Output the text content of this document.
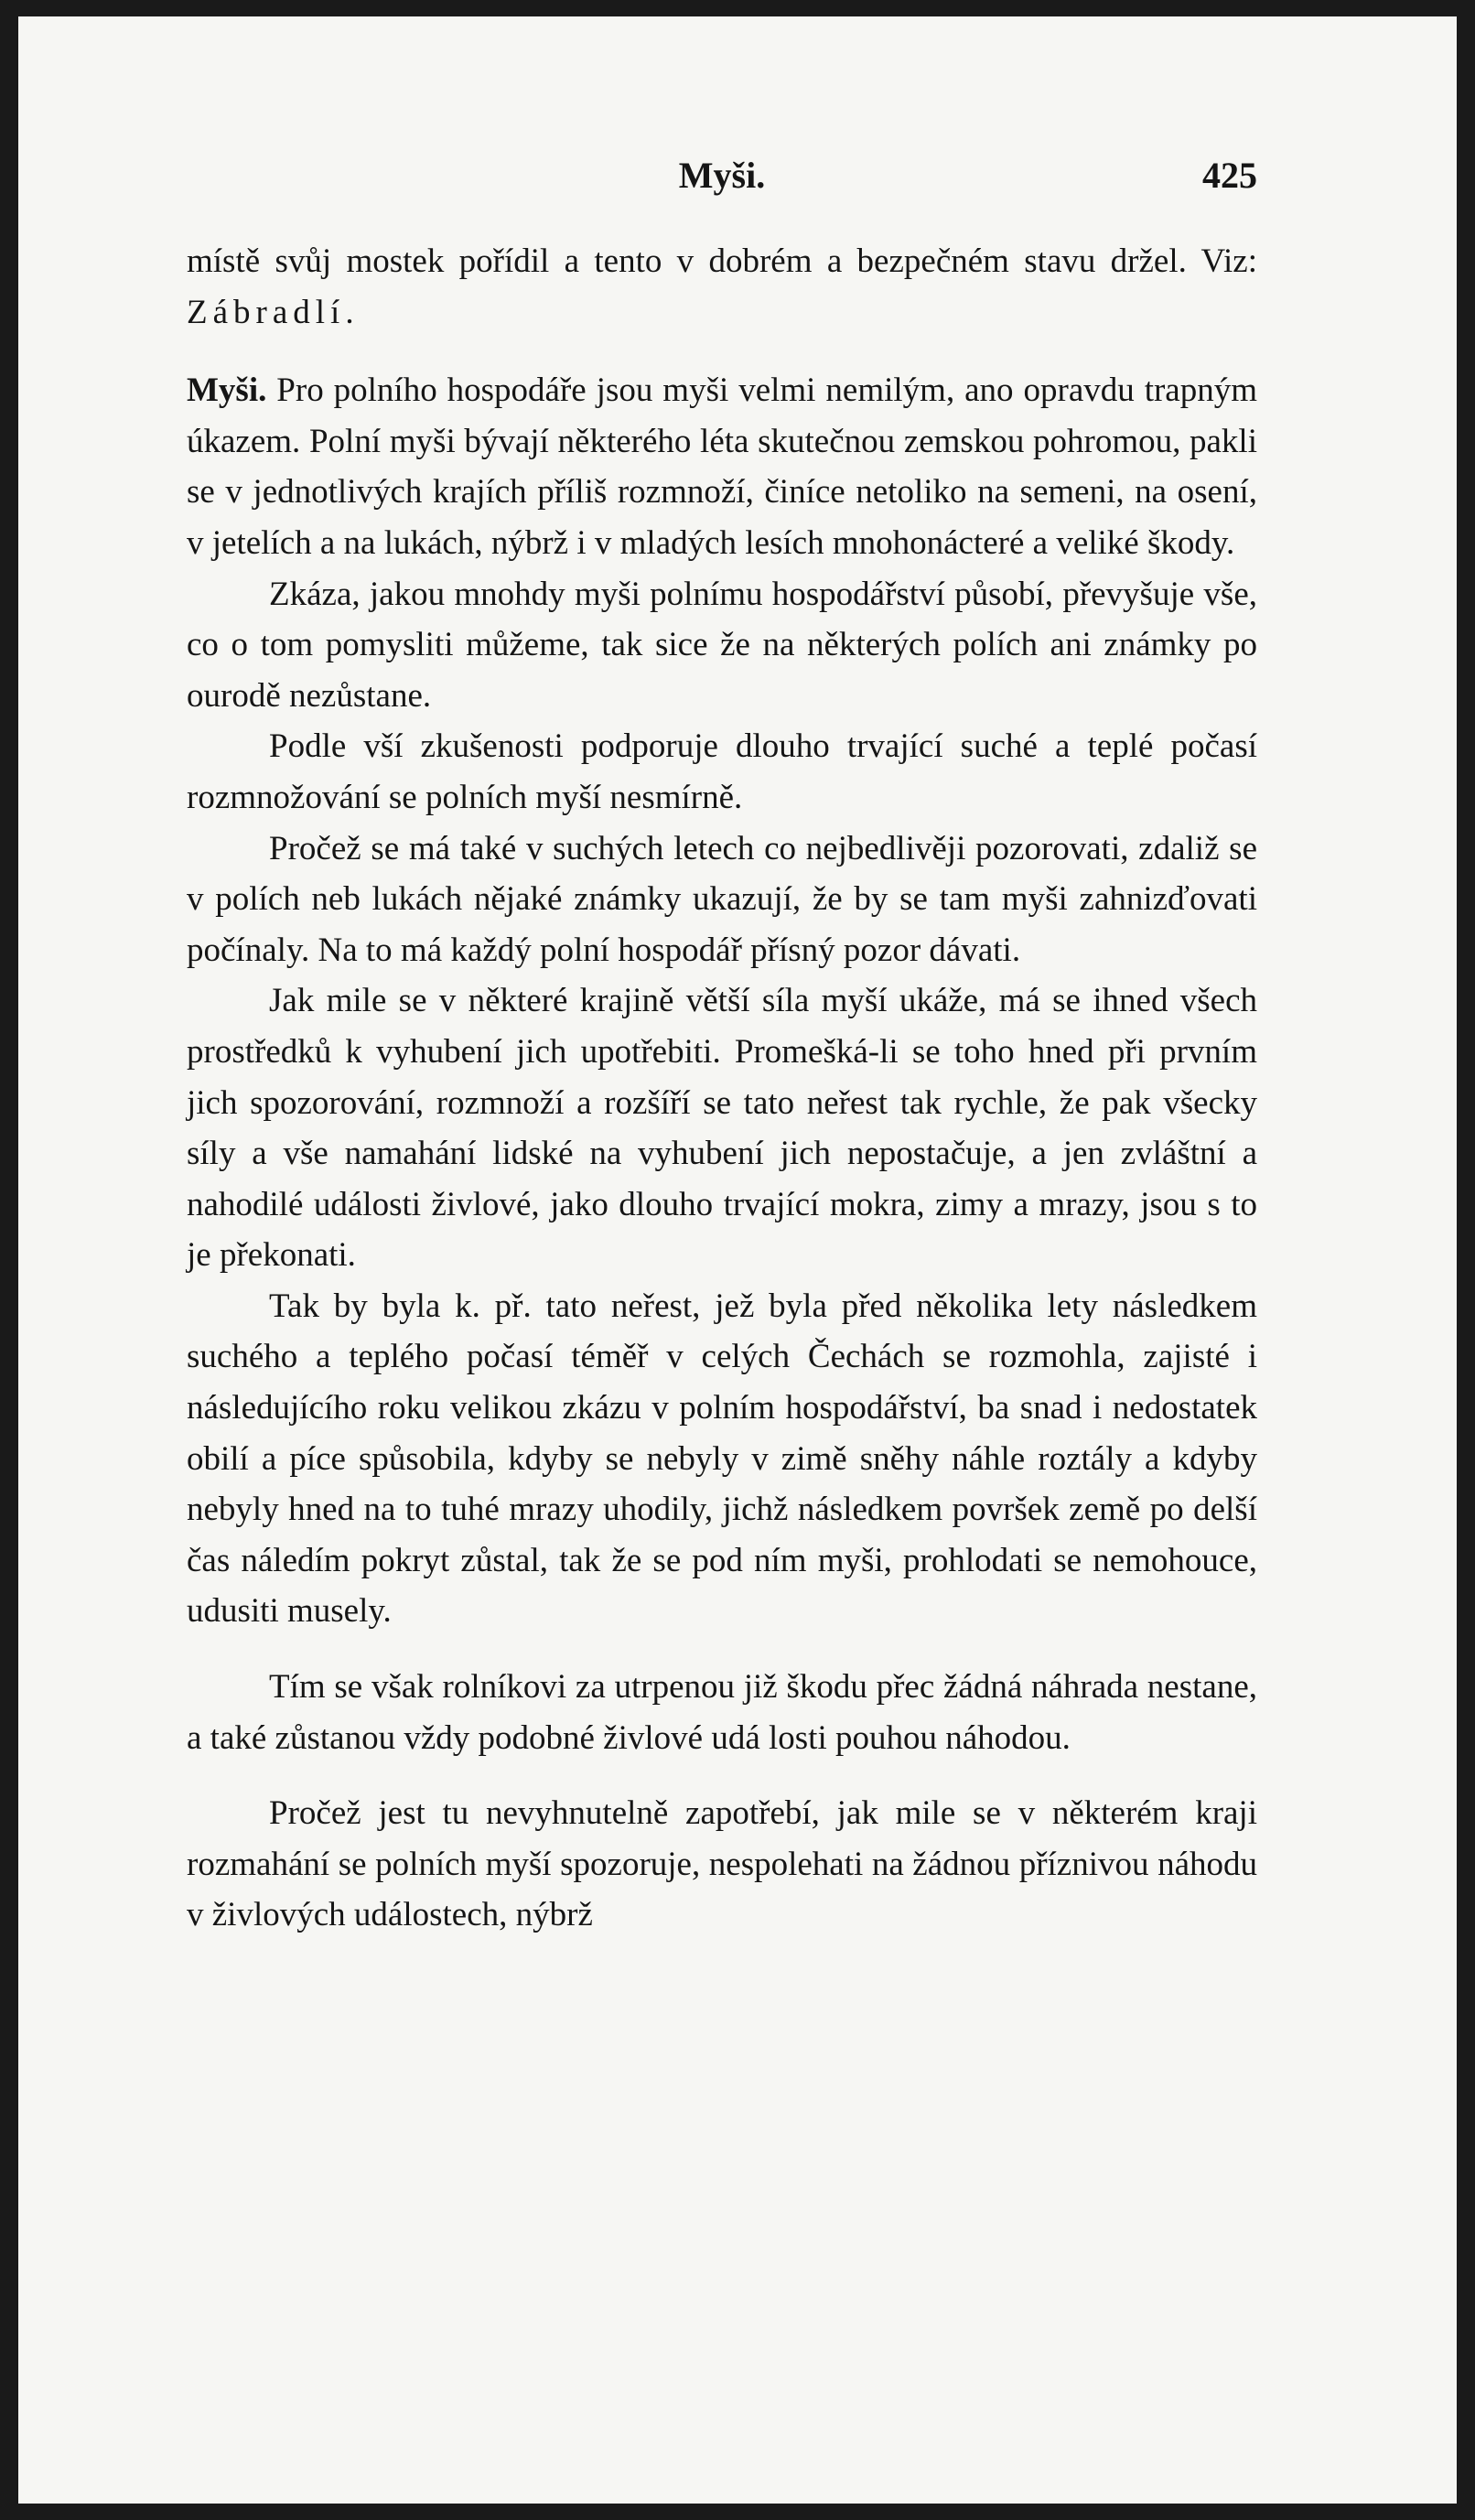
Myši.	425

místě svůj mostek pořídil a tento v dobrém a bezpečném stavu držel. Viz: Zábradlí.

Myši. Pro polního hospodáře jsou myši velmi nemilým, ano opravdu trapným úkazem. Polní myši bývají některého léta skutečnou zemskou pohromou, pakli se v jednotlivých krajích příliš rozmnoží, činíce netoliko na semeni, na osení, v jetelích a na lukách, nýbrž i v mladých lesích mnohonácteré a veliké škody.

Zkáza, jakou mnohdy myši polnímu hospodářství působí, převyšuje vše, co o tom pomysliti můžeme, tak sice že na některých polích ani známky po ourodě nezůstane.

Podle vší zkušenosti podporuje dlouho trvající suché a teplé počasí rozmnožování se polních myší nesmírně.

Pročež se má také v suchých letech co nejbedlivěji pozorovati, zdaliž se v polích neb lukách nějaké známky ukazují, že by se tam myši zahnizďovati počínaly. Na to má každý polní hospodář přísný pozor dávati.

Jak mile se v některé krajině větší síla myší ukáže, má se ihned všech prostředků k vyhubení jich upotřebiti. Promešká-li se toho hned při prvním jich spozorování, rozmnoží a rozšíří se tato neřest tak rychle, že pak všecky síly a vše namahání lidské na vyhubení jich nepostačuje, a jen zvláštní a nahodilé události živlové, jako dlouho trvající mokra, zimy a mrazy, jsou s to je překonati.

Tak by byla k. př. tato neřest, jež byla před několika lety následkem suchého a teplého počasí téměř v celých Čechách se rozmohla, zajisté i následujícího roku velikou zkázu v polním hospodářství, ba snad i nedostatek obilí a píce spůsobila, kdyby se nebyly v zimě sněhy náhle roztály a kdyby nebyly hned na to tuhé mrazy uhodily, jichž následkem površek země po delší čas náledím pokryt zůstal, tak že se pod ním myši, prohlodati se nemohouce, udusiti musely.

Tím se však rolníkovi za utrpenou již škodu přec žádná náhrada nestane, a také zůstanou vždy podobné živlové udá losti pouhou náhodou.

Pročež jest tu nevyhnutelně zapotřebí, jak mile se v některém kraji rozmahání se polních myší spozoruje, nespolehati na žádnou příznivou náhodu v živlových událostech, nýbrž
